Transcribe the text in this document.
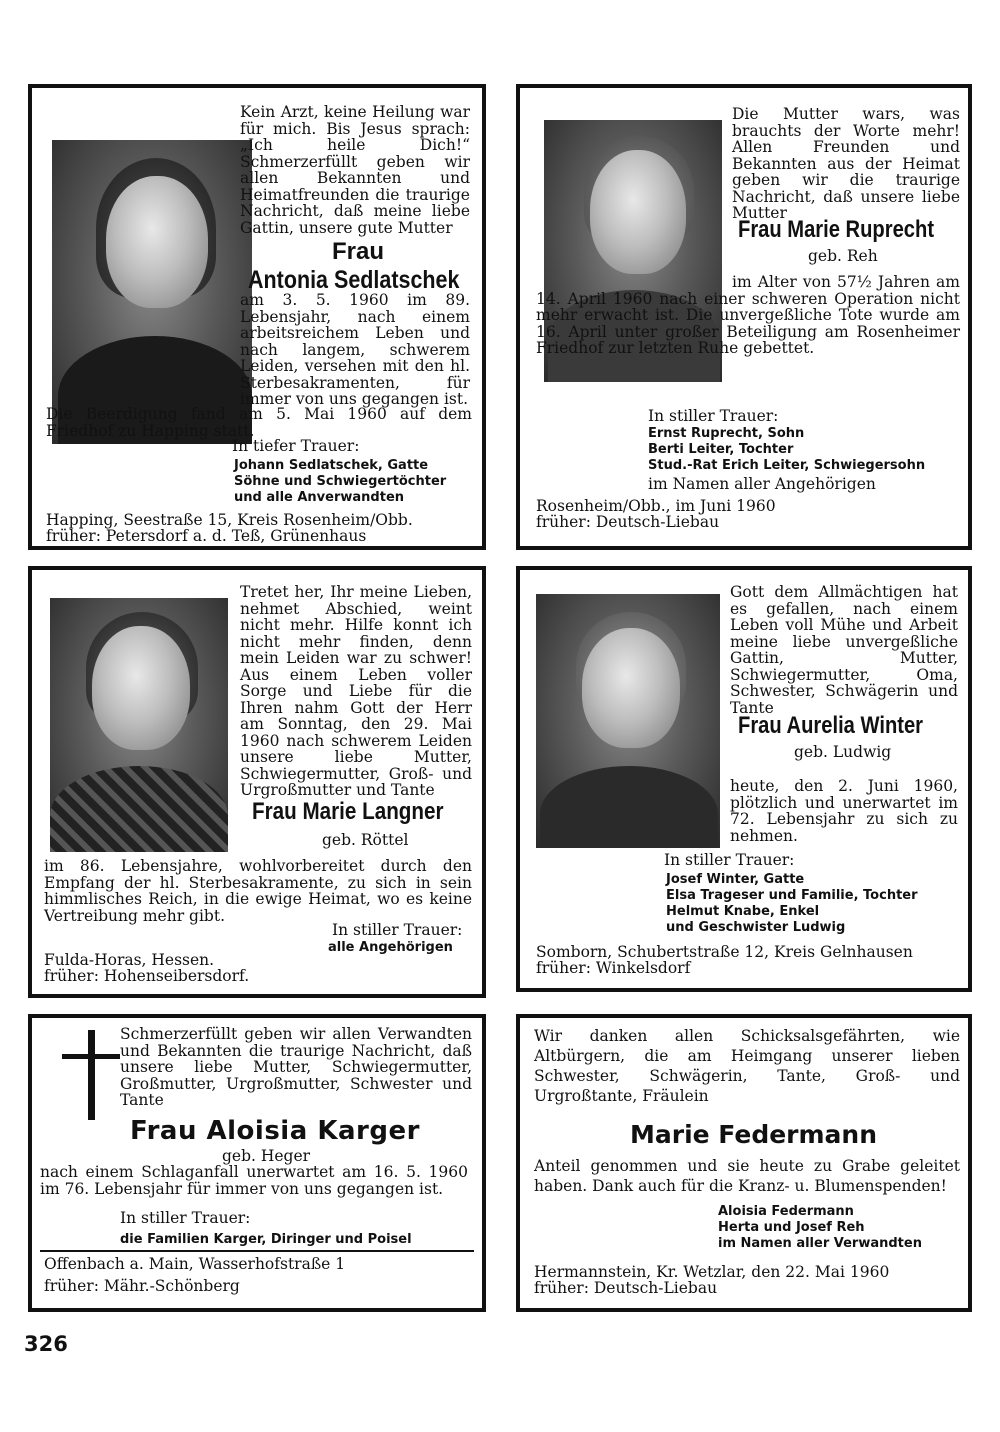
Kein Arzt, keine Heilung war für mich. Bis Jesus sprach: „Ich heile Dich!“ Schmerzerfüllt geben wir allen Bekannten und Heimatfreunden die traurige Nachricht, daß meine liebe Gattin, unsere gute Mutter

Frau
Antonia Sedlatschek

am 3. 5. 1960 im 89. Lebensjahr, nach einem arbeitsreichem Leben und nach langem, schwerem Leiden, versehen mit den hl. Sterbesakramenten, für immer von uns gegangen ist.

Die Beerdigung fand am 5. Mai 1960 auf dem Friedhof zu Happing statt.

In tiefer Trauer:
Johann Sedlatschek, Gatte
Söhne und Schwiegertöchter
und alle Anverwandten
Happing, Seestraße 15, Kreis Rosenheim/Obb.
früher: Petersdorf a. d. Teß, Grünenhaus

Die Mutter wars, was brauchts der Worte mehr! Allen Freunden und Bekannten aus der Heimat geben wir die traurige Nachricht, daß unsere liebe Mutter

Frau Marie Ruprecht
geb. Reh

im Alter von 57½ Jahren am 14. April 1960 nach einer schweren Operation nicht mehr erwacht ist. Die unvergeßliche Tote wurde am 16. April unter großer Beteiligung am Rosenheimer Friedhof zur letzten Ruhe gebettet.

In stiller Trauer:
Ernst Ruprecht, Sohn
Berti Leiter, Tochter
Stud.-Rat Erich Leiter, Schwiegersohn
im Namen aller Angehörigen
Rosenheim/Obb., im Juni 1960
früher: Deutsch-Liebau

Tretet her, Ihr meine Lieben, nehmet Abschied, weint nicht mehr. Hilfe konnt ich nicht mehr finden, denn mein Leiden war zu schwer! Aus einem Leben voller Sorge und Liebe für die Ihren nahm Gott der Herr am Sonntag, den 29. Mai 1960 nach schwerem Leiden unsere liebe Mutter, Schwiegermutter, Groß- und Urgroßmutter und Tante

Frau Marie Langner
geb. Röttel

im 86. Lebensjahre, wohlvorbereitet durch den Empfang der hl. Sterbesakramente, zu sich in sein himmlisches Reich, in die ewige Heimat, wo es keine Vertreibung mehr gibt.

In stiller Trauer:
alle Angehörigen
Fulda-Horas, Hessen.
früher: Hohenseibersdorf.

Gott dem Allmächtigen hat es gefallen, nach einem Leben voll Mühe und Arbeit meine liebe unvergeßliche Gattin, Mutter, Schwiegermutter, Oma, Schwester, Schwägerin und Tante

Frau Aurelia Winter
geb. Ludwig

heute, den 2. Juni 1960, plötzlich und unerwartet im 72. Lebensjahr zu sich zu nehmen.

In stiller Trauer:
Josef Winter, Gatte
Elsa Trageser und Familie, Tochter
Helmut Knabe, Enkel
und Geschwister Ludwig
Somborn, Schubertstraße 12, Kreis Gelnhausen
früher: Winkelsdorf

Schmerzerfüllt geben wir allen Verwandten und Bekannten die traurige Nachricht, daß unsere liebe Mutter, Schwiegermutter, Großmutter, Urgroßmutter, Schwester und Tante

Frau Aloisia Karger
geb. Heger

nach einem Schlaganfall unerwartet am 16. 5. 1960 im 76. Lebensjahr für immer von uns gegangen ist.

In stiller Trauer:
die Familien Karger, Diringer und Poisel
Offenbach a. Main, Wasserhofstraße 1
früher: Mähr.-Schönberg

Wir danken allen Schicksalsgefährten, wie Altbürgern, die am Heimgang unserer lieben Schwester, Schwägerin, Tante, Groß- und Urgroßtante, Fräulein

Marie Federmann

Anteil genommen und sie heute zu Grabe geleitet haben. Dank auch für die Kranz- u. Blumenspenden!

Aloisia Federmann
Herta und Josef Reh
im Namen aller Verwandten
Hermannstein, Kr. Wetzlar, den 22. Mai 1960
früher: Deutsch-Liebau
326
